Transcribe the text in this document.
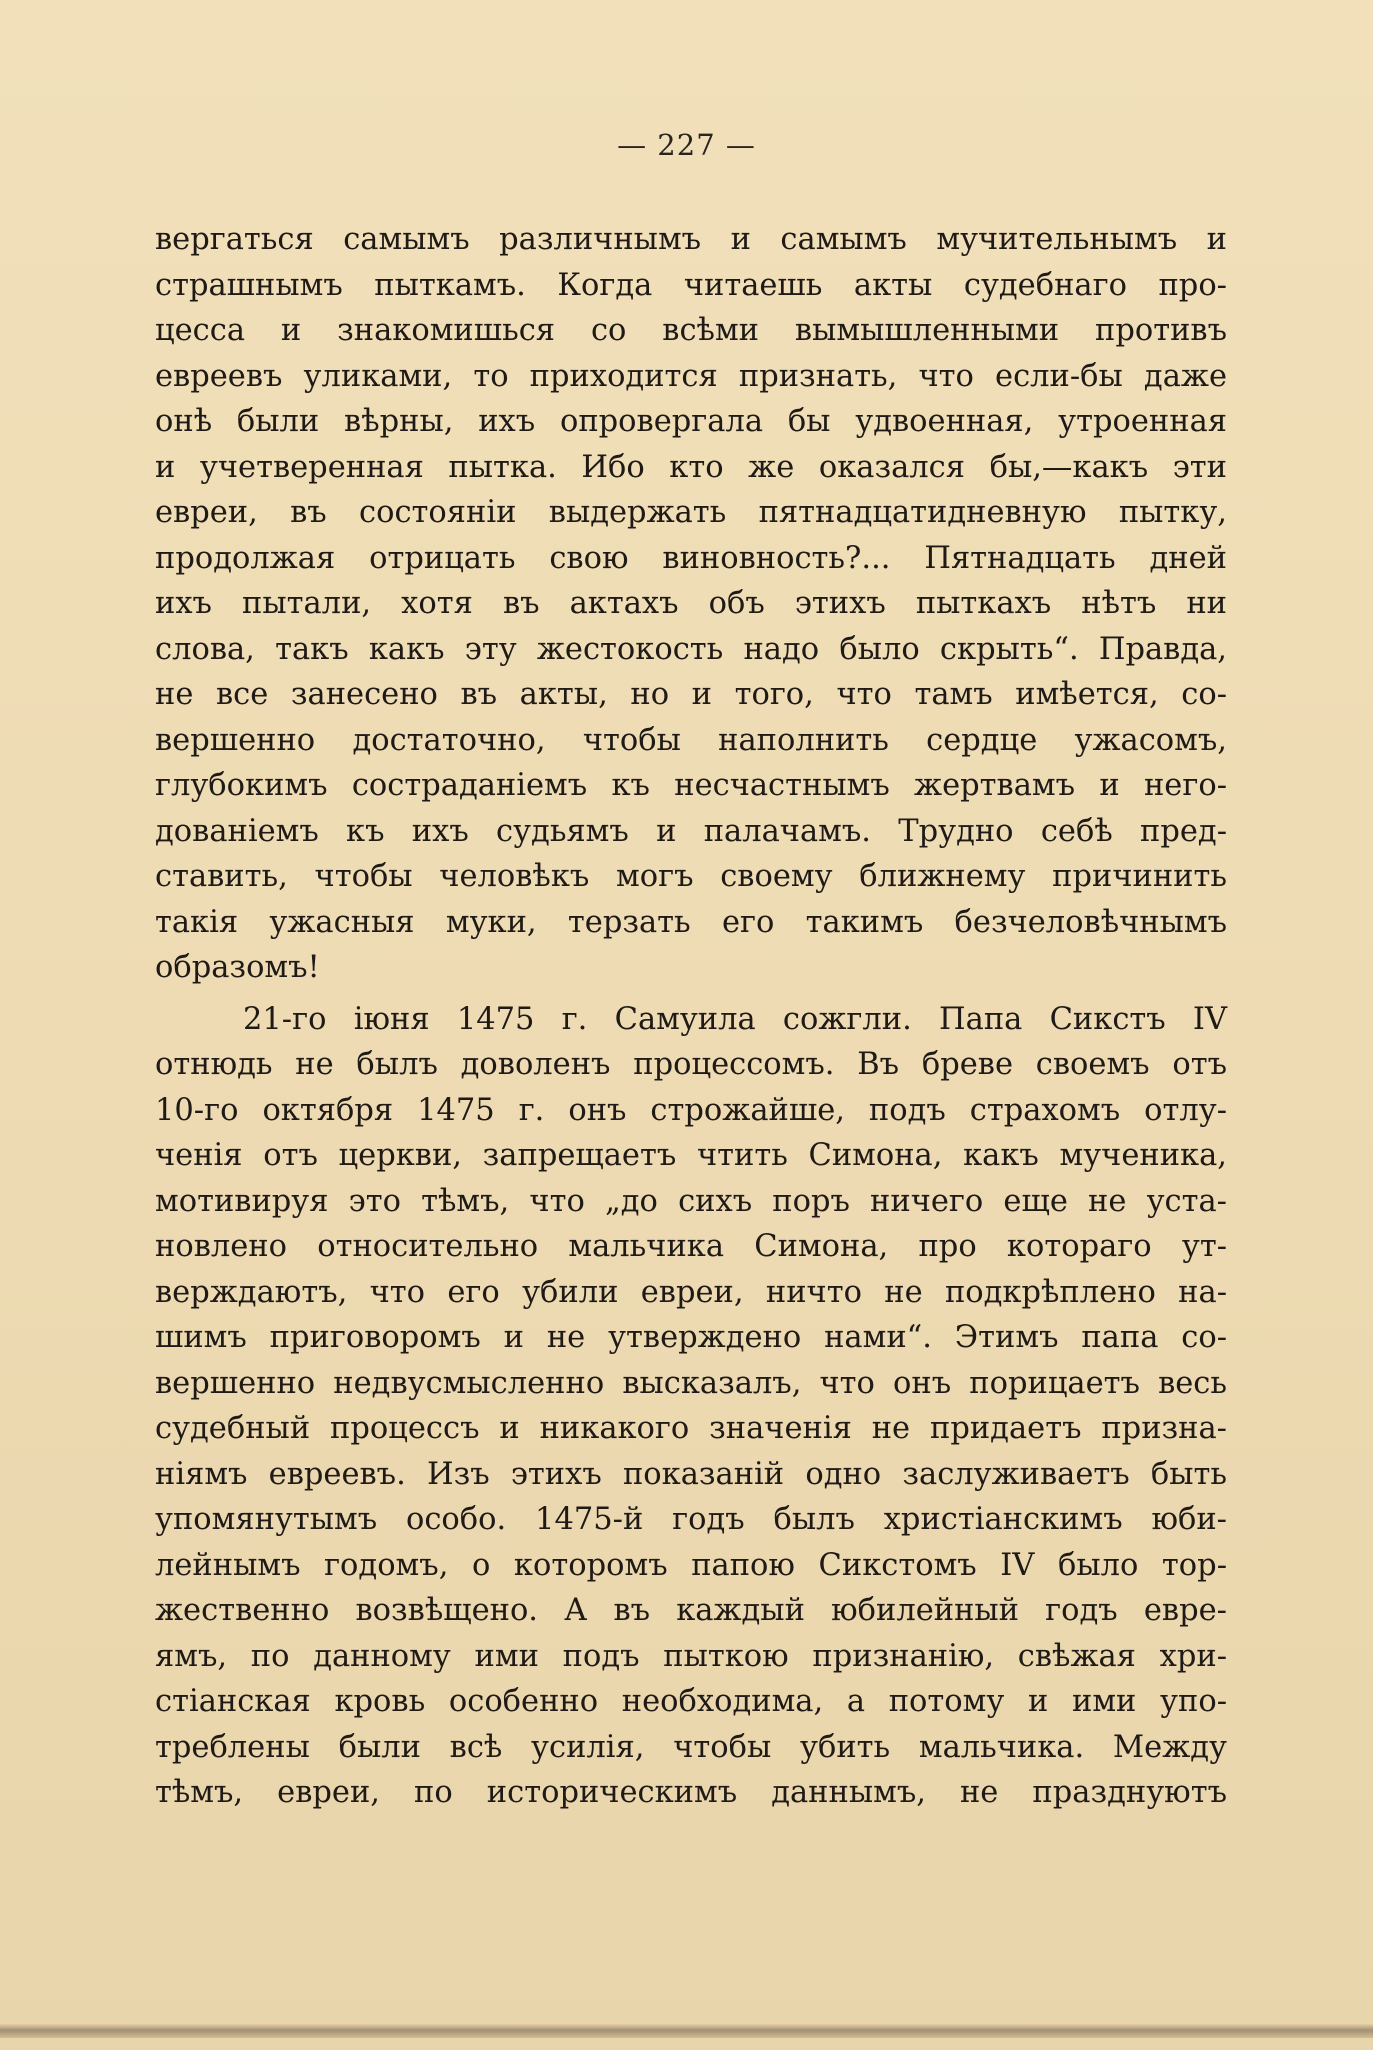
— 227 —
вергаться самымъ различнымъ и самымъ мучительнымъ и
страшнымъ пыткамъ. Когда читаешь акты судебнаго про-
цесса и знакомишься со всѣми вымышленными противъ
евреевъ уликами, то приходится признать, что если-бы даже
онѣ были вѣрны, ихъ опровергала бы удвоенная, утроенная
и учетверенная пытка. Ибо кто же оказался бы,—какъ эти
евреи, въ состояніи выдержать пятнадцатидневную пытку,
продолжая отрицать свою виновность?... Пятнадцать дней
ихъ пытали, хотя въ актахъ объ этихъ пыткахъ нѣтъ ни
слова, такъ какъ эту жестокость надо было скрыть“. Правда,
не все занесено въ акты, но и того, что тамъ имѣется, со-
вершенно достаточно, чтобы наполнить сердце ужасомъ,
глубокимъ состраданіемъ къ несчастнымъ жертвамъ и него-
дованіемъ къ ихъ судьямъ и палачамъ. Трудно себѣ пред-
ставить, чтобы человѣкъ могъ своему ближнему причинить
такія ужасныя муки, терзать его такимъ безчеловѣчнымъ
образомъ!
21-го іюня 1475 г. Самуила сожгли. Папа Сикстъ IV
отнюдь не былъ доволенъ процессомъ. Въ бреве своемъ отъ
10-го октября 1475 г. онъ строжайше, подъ страхомъ отлу-
ченія отъ церкви, запрещаетъ чтить Симона, какъ мученика,
мотивируя это тѣмъ, что „до сихъ поръ ничего еще не уста-
новлено относительно мальчика Симона, про котораго ут-
верждаютъ, что его убили евреи, ничто не подкрѣплено на-
шимъ приговоромъ и не утверждено нами“. Этимъ папа со-
вершенно недвусмысленно высказалъ, что онъ порицаетъ весь
судебный процессъ и никакого значенія не придаетъ призна-
ніямъ евреевъ. Изъ этихъ показаній одно заслуживаетъ быть
упомянутымъ особо. 1475-й годъ былъ христіанскимъ юби-
лейнымъ годомъ, о которомъ папою Сикстомъ IV было тор-
жественно возвѣщено. А въ каждый юбилейный годъ евре-
ямъ, по данному ими подъ пыткою признанію, свѣжая хри-
стіанская кровь особенно необходима, а потому и ими упо-
треблены были всѣ усилія, чтобы убить мальчика. Между
тѣмъ, евреи, по историческимъ даннымъ, не празднуютъ
